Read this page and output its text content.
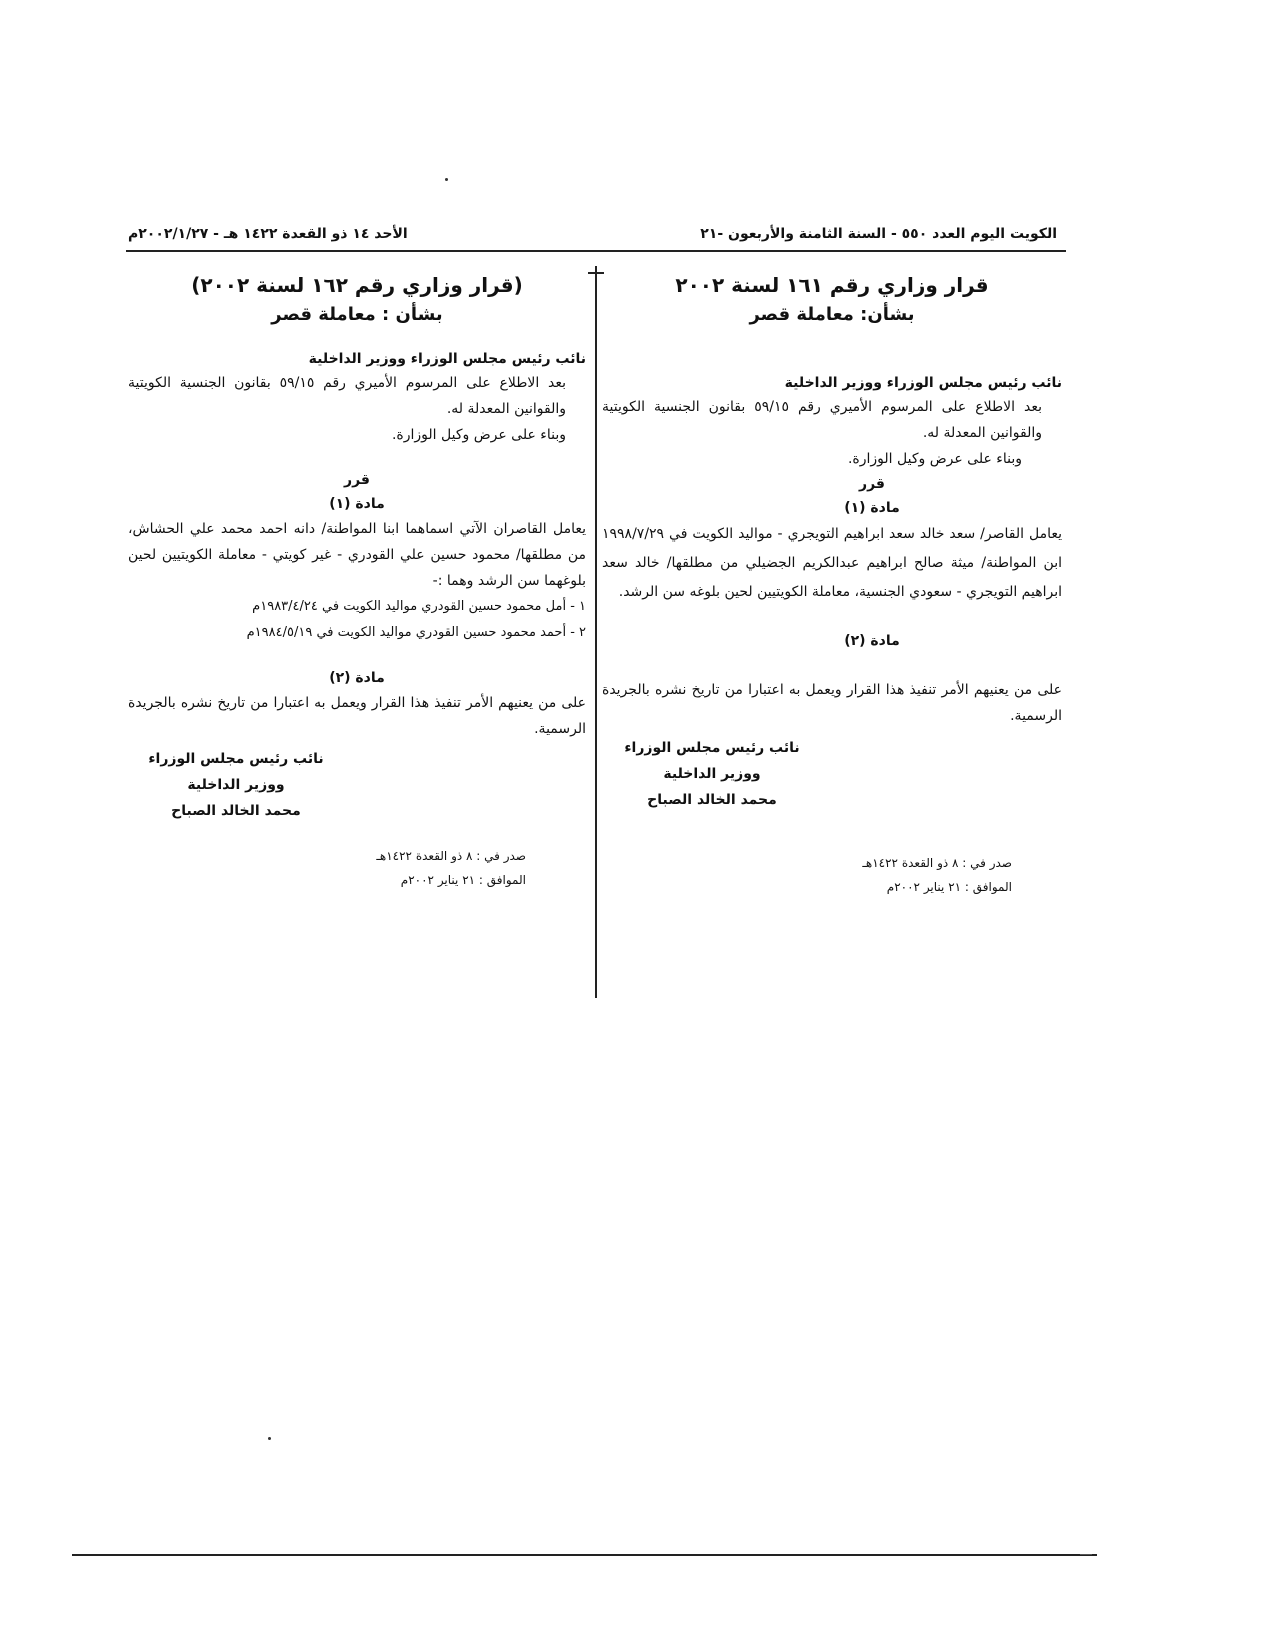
الكويت اليوم العدد ٥٥٠ - السنة الثامنة والأربعون -٢١
الأحد ١٤ ذو القعدة ١٤٢٢ هـ - ٢٠٠٢/١/٢٧م

قرار وزاري رقم ١٦١ لسنة ٢٠٠٢

بشأن: معاملة قصر

نائب رئيس مجلس الوزراء ووزير الداخلية
بعد الاطلاع على المرسوم الأميري رقم ٥٩/١٥ بقانون الجنسية الكويتية والقوانين المعدلة له.
وبناء على عرض وكيل الوزارة.
قرر
مادة (١)
يعامل القاصر/ سعد خالد سعد ابراهيم التويجري - مواليد الكويت في ١٩٩٨/٧/٢٩ ابن المواطنة/ ميثة صالح ابراهيم عبدالكريم الجضيلي من مطلقها/ خالد سعد ابراهيم التويجري - سعودي الجنسية، معاملة الكويتيين لحين بلوغه سن الرشد.
مادة (٢)
على من يعنيهم الأمر تنفيذ هذا القرار ويعمل به اعتبارا من تاريخ نشره بالجريدة الرسمية.
نائب رئيس مجلس الوزراء
ووزير الداخلية
محمد الخالد الصباح
صدر في : ٨ ذو القعدة ١٤٢٢هـ
الموافق : ٢١ يناير ٢٠٠٢م

(قرار وزاري رقم ١٦٢ لسنة ٢٠٠٢)

بشأن : معاملة قصر

نائب رئيس مجلس الوزراء ووزير الداخلية
بعد الاطلاع على المرسوم الأميري رقم ٥٩/١٥ بقانون الجنسية الكويتية والقوانين المعدلة له.
وبناء على عرض وكيل الوزارة.
قرر
مادة (١)
يعامل القاصران الآتي اسماهما ابنا المواطنة/ دانه احمد محمد علي الحشاش، من مطلقها/ محمود حسين علي القودري - غير كويتي - معاملة الكويتيين لحين بلوغهما سن الرشد وهما :-
١ - أمل محمود حسين القودري مواليد الكويت في ١٩٨٣/٤/٢٤م
٢ - أحمد محمود حسين القودري مواليد الكويت في ١٩٨٤/٥/١٩م
مادة (٢)
على من يعنيهم الأمر تنفيذ هذا القرار ويعمل به اعتبارا من تاريخ نشره بالجريدة الرسمية.
نائب رئيس مجلس الوزراء
ووزير الداخلية
محمد الخالد الصباح
صدر في : ٨ ذو القعدة ١٤٢٢هـ
الموافق : ٢١ يناير ٢٠٠٢م
